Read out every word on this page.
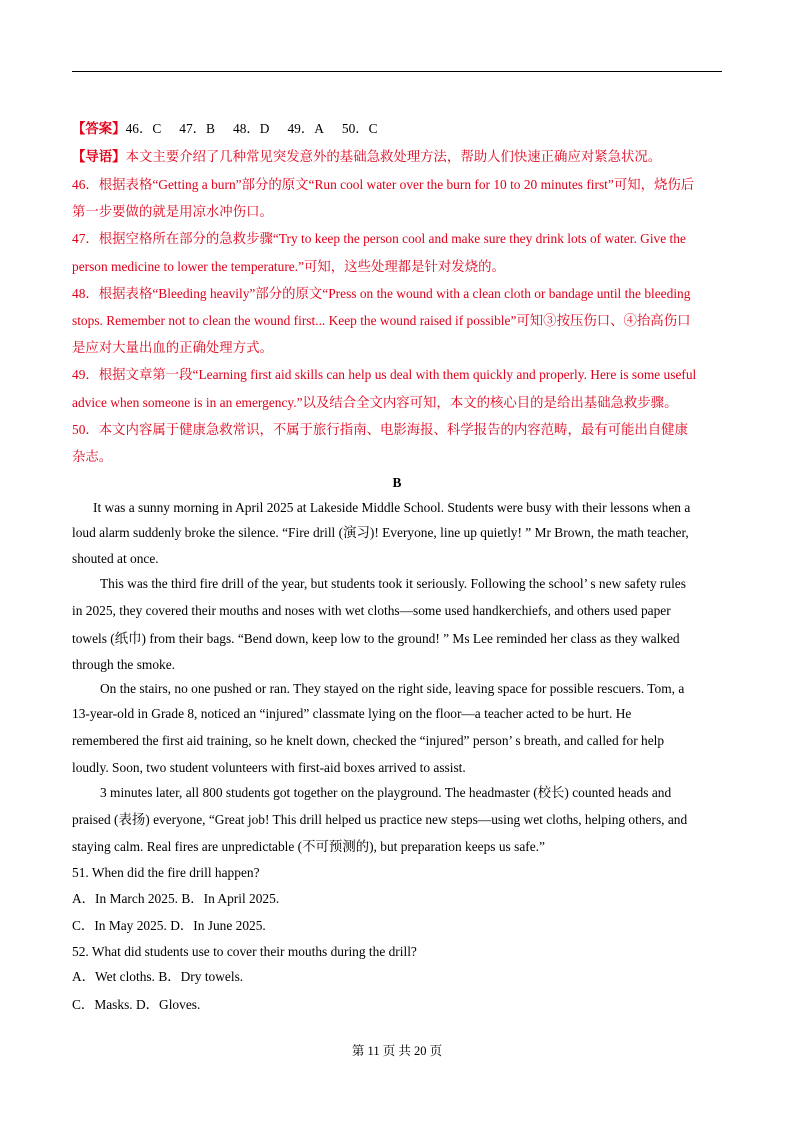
【答案】46．C 47．B 48．D 49．A 50．C
【导语】本文主要介绍了几种常见突发意外的基础急救处理方法，帮助人们快速正确应对紧急状况。
46．根据表格“Getting a burn”部分的原文“Run cool water over the burn for 10 to 20 minutes first”可知，烧伤后
第一步要做的就是用凉水冲伤口。
47．根据空格所在部分的急救步骤“Try to keep the person cool and make sure they drink lots of water. Give the
person medicine to lower the temperature.”可知，这些处理都是针对发烧的。
48．根据表格“Bleeding heavily”部分的原文“Press on the wound with a clean cloth or bandage until the bleeding
stops. Remember not to clean the wound first... Keep the wound raised if possible”可知③按压伤口、④抬高伤口
是应对大量出血的正确处理方式。
49．根据文章第一段“Learning first aid skills can help us deal with them quickly and properly. Here is some useful
advice when someone is in an emergency.”以及结合全文内容可知，本文的核心目的是给出基础急救步骤。
50．本文内容属于健康急救常识，不属于旅行指南、电影海报、科学报告的内容范畴，最有可能出自健康
杂志。
B
It was a sunny morning in April 2025 at Lakeside Middle School. Students were busy with their lessons when a
loud alarm suddenly broke the silence. “Fire drill (演习)! Everyone, line up quietly! ” Mr Brown, the math teacher,
shouted at once.
This was the third fire drill of the year, but students took it seriously. Following the school’ s new safety rules
in 2025, they covered their mouths and noses with wet cloths—some used handkerchiefs, and others used paper
towels (纸巾) from their bags. “Bend down, keep low to the ground! ” Ms Lee reminded her class as they walked
through the smoke.
On the stairs, no one pushed or ran. They stayed on the right side, leaving space for possible rescuers. Tom, a
13-year-old in Grade 8, noticed an “injured” classmate lying on the floor—a teacher acted to be hurt. He
remembered the first aid training, so he knelt down, checked the “injured” person’ s breath, and called for help
loudly. Soon, two student volunteers with first-aid boxes arrived to assist.
3 minutes later, all 800 students got together on the playground. The headmaster (校长) counted heads and
praised (表扬) everyone, “Great job! This drill helped us practice new steps—using wet cloths, helping others, and
staying calm. Real fires are unpredictable (不可预测的), but preparation keeps us safe.”
51. When did the fire drill happen?
A．In March 2025. B．In April 2025.
C．In May 2025. D．In June 2025.
52. What did students use to cover their mouths during the drill?
A．Wet cloths. B．Dry towels.
C．Masks. D．Gloves.
第 11 页 共 20 页
